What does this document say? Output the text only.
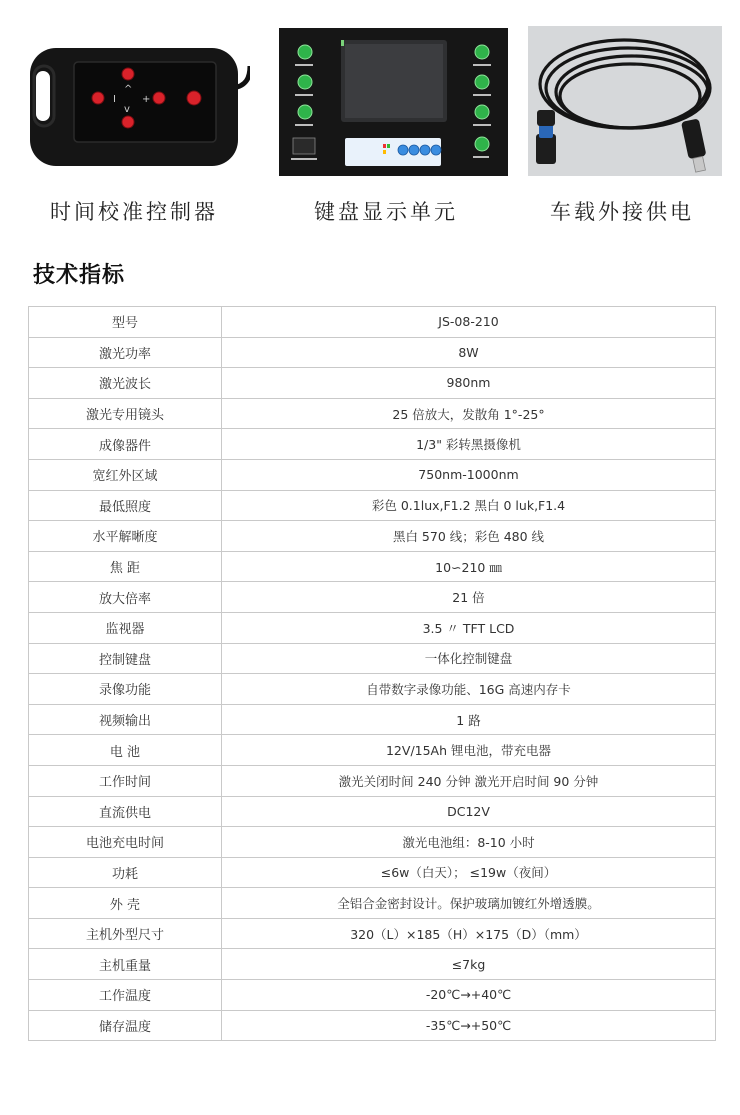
^
I	+
v
时间校准控制器	键盘显示单元	车载外接供电
技术指标
型号	JS-08-210
激光功率	8W
激光波长	980nm
激光专用镜头	25 倍放大，发散角 1°-25°
成像器件	1/3" 彩转黑摄像机
宽红外区域	750nm-1000nm
最低照度	彩色 0.1lux,F1.2 黑白 0 luk,F1.4
水平解晰度	黑白 570 线；彩色 480 线
焦 距	10∽210 ㎜
放大倍率	21 倍
监视器	3.5 〃 TFT LCD
控制键盘	一体化控制键盘
录像功能	自带数字录像功能、16G 高速内存卡
视频输出	1 路
电 池	12V/15Ah 锂电池，带充电器
工作时间	激光关闭时间 240 分钟 激光开启时间 90 分钟
直流供电	DC12V
电池充电时间	激光电池组：8-10 小时
功耗	≤6w（白天）； ≤19w（夜间）
外 壳	全铝合金密封设计。保护玻璃加镀红外增透膜。
主机外型尺寸	320（L）×185（H）×175（D）（mm）
主机重量	≤7kg
工作温度	-20℃→+40℃
储存温度	-35℃→+50℃
